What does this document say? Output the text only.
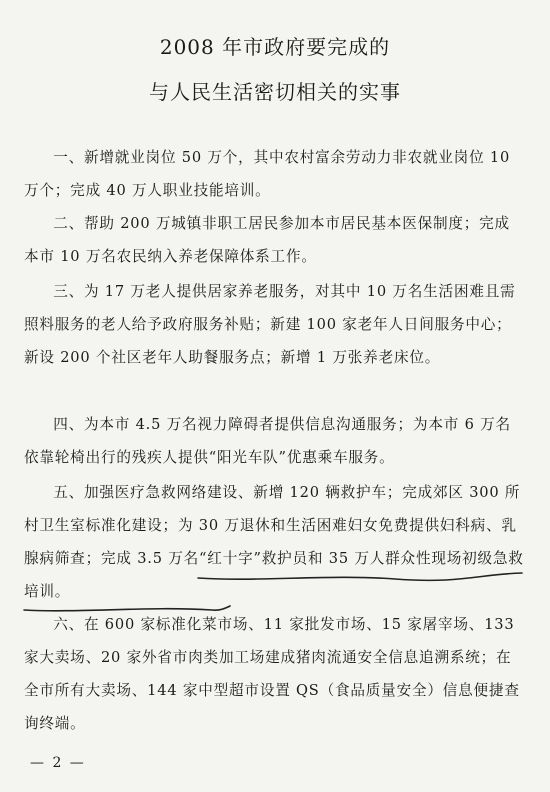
2008 年市政府要完成的
与人民生活密切相关的实事

一、新增就业岗位 50 万个，其中农村富余劳动力非农就业岗位 10 万个；完成 40 万人职业技能培训。

二、帮助 200 万城镇非职工居民参加本市居民基本医保制度；完成本市 10 万名农民纳入养老保障体系工作。

三、为 17 万老人提供居家养老服务，对其中 10 万名生活困难且需照料服务的老人给予政府服务补贴；新建 100 家老年人日间服务中心；新设 200 个社区老年人助餐服务点；新增 1 万张养老床位。

四、为本市 4.5 万名视力障碍者提供信息沟通服务；为本市 6 万名依靠轮椅出行的残疾人提供“阳光车队”优惠乘车服务。

五、加强医疗急救网络建设、新增 120 辆救护车；完成郊区 300 所村卫生室标准化建设；为 30 万退休和生活困难妇女免费提供妇科病、乳腺病筛查；完成 3.5 万名“红十字”救护员和 35 万人群众性现场初级急救培训。

六、在 600 家标准化菜市场、11 家批发市场、15 家屠宰场、133 家大卖场、20 家外省市肉类加工场建成猪肉流通安全信息追溯系统；在全市所有大卖场、144 家中型超市设置 QS（食品质量安全）信息便捷查询终端。

— 2 —
